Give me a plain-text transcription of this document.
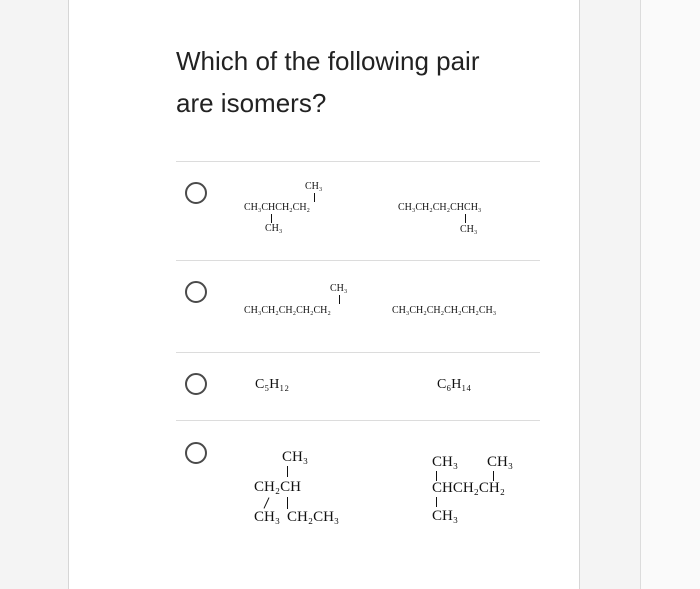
Which of the following pair
are isomers?
CH₃
CH₃CHCH₂CH₂
CH₃
CH₃CH₂CH₂CHCH₃
CH₃
CH₃
CH₃CH₂CH₂CH₂CH₂	CH₃CH₂CH₂CH₂CH₂CH₃
C₅H₁₂	C₆H₁₄
CH₃
CH₂CH
CH₃ CH₂CH₃
CH₃ CH₃
CHCH₂CH₂
CH₃
